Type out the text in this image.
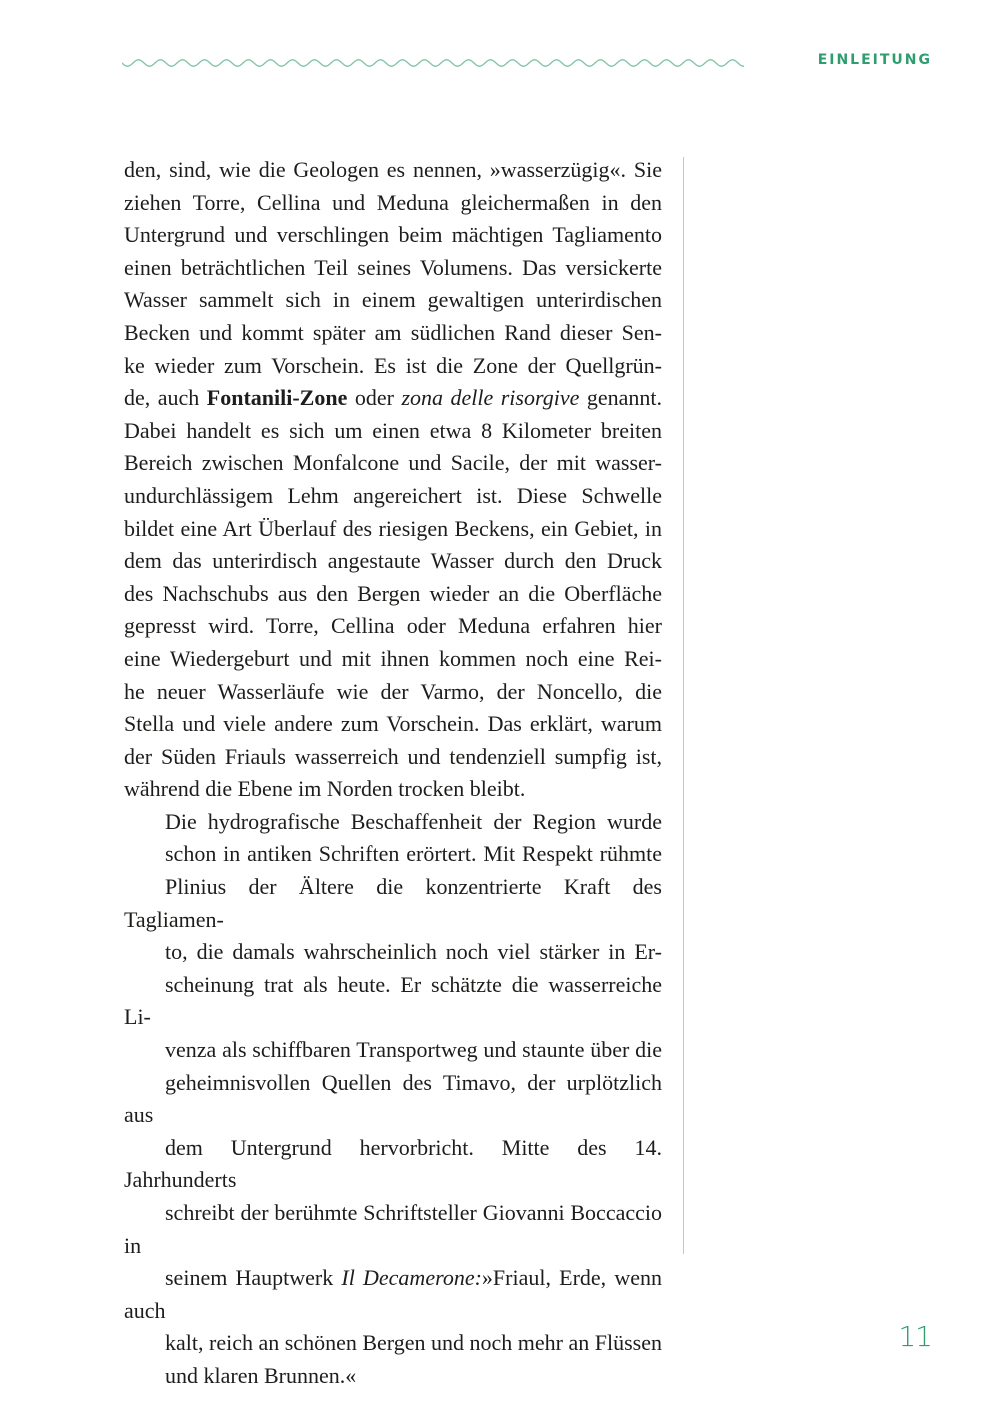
EINLEITUNG

den, sind, wie die Geologen es nennen, »wasserzügig«. Sie
ziehen Torre, Cellina und Meduna gleichermaßen in den
Untergrund und verschlingen beim mächtigen Tagliamento
einen beträchtlichen Teil seines Volumens. Das versickerte
Wasser sammelt sich in einem gewaltigen unterirdischen
Becken und kommt später am südlichen Rand dieser Sen-
ke wieder zum Vorschein. Es ist die Zone der Quellgrün-
de, auch Fontanili-Zone oder zona delle risorgive genannt.
Dabei handelt es sich um einen etwa 8 Kilometer breiten
Bereich zwischen Monfalcone und Sacile, der mit wasser-
undurchlässigem Lehm angereichert ist. Diese Schwelle
bildet eine Art Überlauf des riesigen Beckens, ein Gebiet, in
dem das unterirdisch angestaute Wasser durch den Druck
des Nachschubs aus den Bergen wieder an die Oberfläche
gepresst wird. Torre, Cellina oder Meduna erfahren hier
eine Wiedergeburt und mit ihnen kommen noch eine Rei-
he neuer Wasserläufe wie der Varmo, der Noncello, die
Stella und viele andere zum Vorschein. Das erklärt, warum
der Süden Friauls wasserreich und tendenziell sumpfig ist,
während die Ebene im Norden trocken bleibt.

Die hydrografische Beschaffenheit der Region wurde
schon in antiken Schriften erörtert. Mit Respekt rühmte
Plinius der Ältere die konzentrierte Kraft des Tagliamen-
to, die damals wahrscheinlich noch viel stärker in Er-
scheinung trat als heute. Er schätzte die wasserreiche Li-
venza als schiffbaren Transportweg und staunte über die
geheimnisvollen Quellen des Timavo, der urplötzlich aus
dem Untergrund hervorbricht. Mitte des 14. Jahrhunderts
schreibt der berühmte Schriftsteller Giovanni Boccaccio in
seinem Hauptwerk Il Decamerone:»Friaul, Erde, wenn auch
kalt, reich an schönen Bergen und noch mehr an Flüssen
und klaren Brunnen.«

11
